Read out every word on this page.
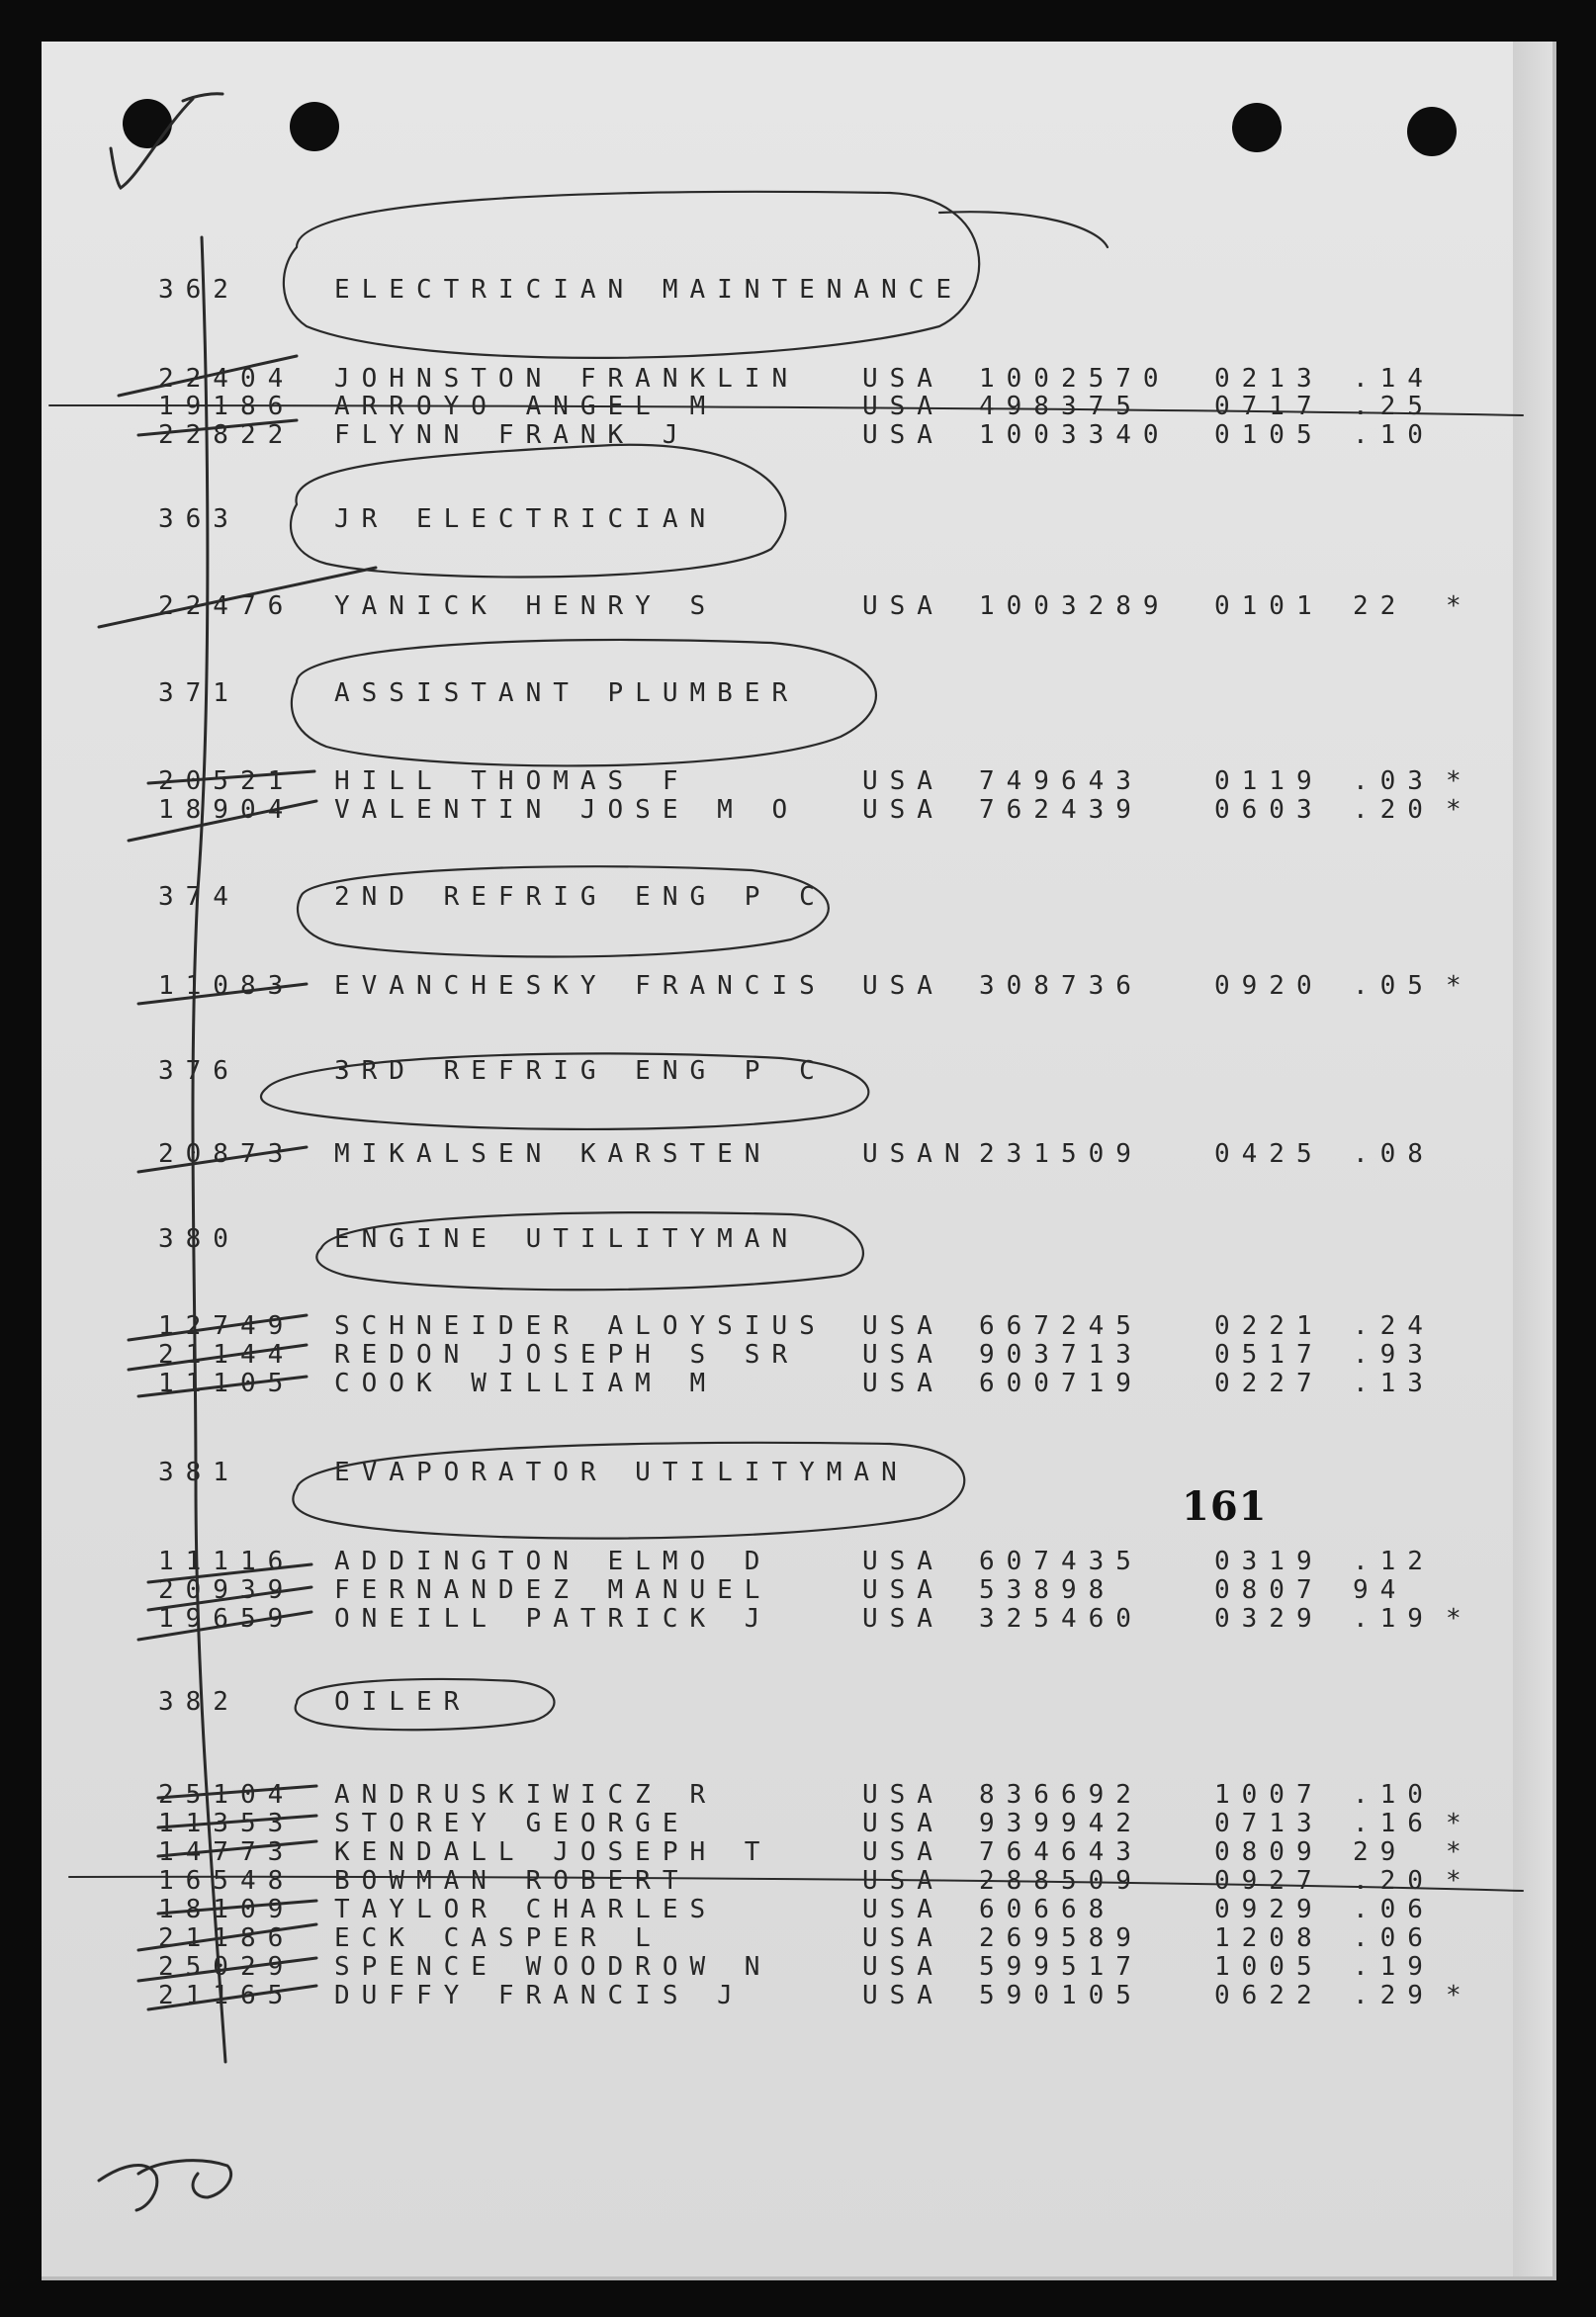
362	ELECTRICIAN MAINTENANCE
22404 JOHNSTON FRANKLIN USA 1002570 0213 .14
19186 ARROYO ANGEL M	USA 498375	0717 .25
22822 FLYNN FRANK J	USA 1003340 0105 .10
363	JR ELECTRICIAN
22476 YANICK HENRY S	USA 1003289 0101 22 *
371	ASSISTANT PLUMBER
20521 HILL THOMAS F	USA 749643	0119 .03 *
18904 VALENTIN JOSE M O USA 762439	0603 .20 *
374	2ND REFRIG ENG P C
11083 EVANCHESKY FRANCIS USA 308736	0920 .05 *
376	3RD REFRIG ENG P C
20873 MIKALSEN KARSTEN	USAN 231509	0425 .08
380	ENGINE UTILITYMAN
12749 SCHNEIDER ALOYSIUS USA 667245	0221 .24
21144 REDON JOSEPH S SR USA 903713	0517 .93
11105 COOK WILLIAM M	USA 600719	0227 .13
381	EVAPORATOR UTILITYMAN
11116 ADDINGTON ELMO D	USA 607435	0319 .12
20939 FERNANDEZ MANUEL	USA 53898	0807 94
19659 ONEILL PATRICK J	USA 325460	0329 .19 *
382	OILER
25104 ANDRUSKIWICZ R	USA 836692	1007 .10
11353 STOREY GEORGE	USA 939942	0713 .16 *
14773 KENDALL JOSEPH T	USA 764643	0809 29 *
16548 BOWMAN ROBERT	USA 288509	0927 .20 *
18109 TAYLOR CHARLES	USA 60668	0929 .06
21186 ECK CASPER L	USA 269589	1208 .06
25029 SPENCE WOODROW N	USA 599517	1005 .19
21165 DUFFY FRANCIS J	USA 590105	0622 .29 *
161
